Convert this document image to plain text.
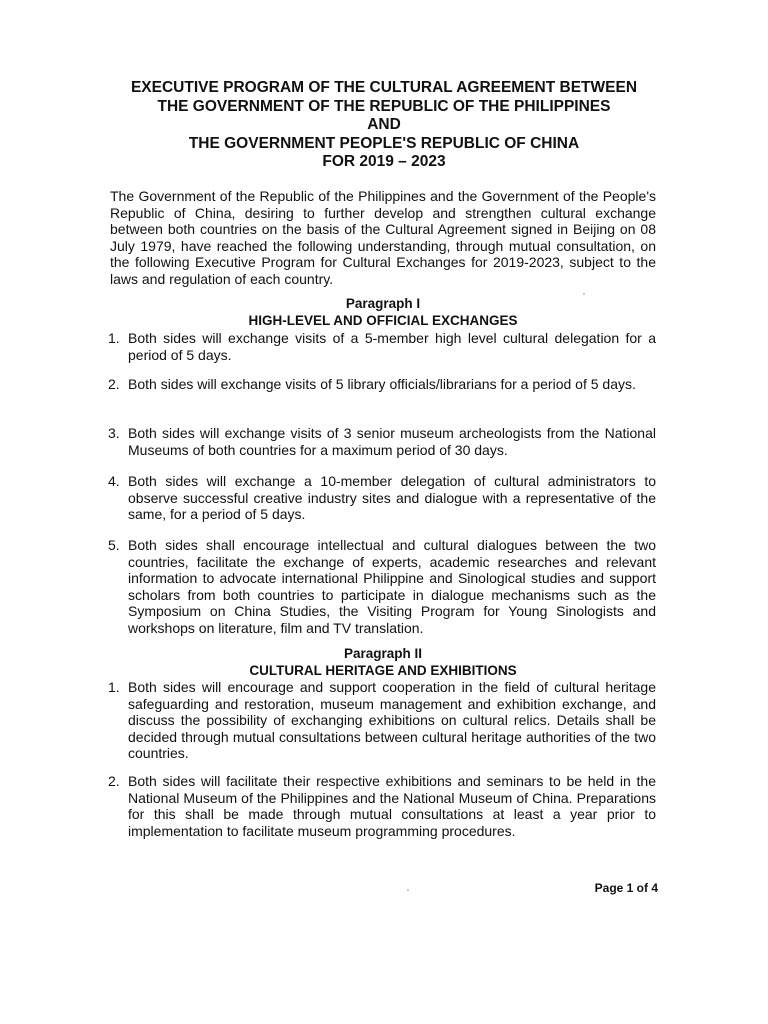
EXECUTIVE PROGRAM OF THE CULTURAL AGREEMENT BETWEEN
THE GOVERNMENT OF THE REPUBLIC OF THE PHILIPPINES
AND
THE GOVERNMENT PEOPLE'S REPUBLIC OF CHINA
FOR 2019 – 2023
The Government of the Republic of the Philippines and the Government of the People's Republic of China, desiring to further develop and strengthen cultural exchange between both countries on the basis of the Cultural Agreement signed in Beijing on 08 July 1979, have reached the following understanding, through mutual consultation, on the following Executive Program for Cultural Exchanges for 2019-2023, subject to the laws and regulation of each country.
Paragraph I
HIGH-LEVEL AND OFFICIAL EXCHANGES
1. Both sides will exchange visits of a 5-member high level cultural delegation for a period of 5 days.
2. Both sides will exchange visits of 5 library officials/librarians for a period of 5 days.
3. Both sides will exchange visits of 3 senior museum archeologists from the National Museums of both countries for a maximum period of 30 days.
4. Both sides will exchange a 10-member delegation of cultural administrators to observe successful creative industry sites and dialogue with a representative of the same, for a period of 5 days.
5. Both sides shall encourage intellectual and cultural dialogues between the two countries, facilitate the exchange of experts, academic researches and relevant information to advocate international Philippine and Sinological studies and support scholars from both countries to participate in dialogue mechanisms such as the Symposium on China Studies, the Visiting Program for Young Sinologists and workshops on literature, film and TV translation.
Paragraph II
CULTURAL HERITAGE AND EXHIBITIONS
1. Both sides will encourage and support cooperation in the field of cultural heritage safeguarding and restoration, museum management and exhibition exchange, and discuss the possibility of exchanging exhibitions on cultural relics. Details shall be decided through mutual consultations between cultural heritage authorities of the two countries.
2. Both sides will facilitate their respective exhibitions and seminars to be held in the National Museum of the Philippines and the National Museum of China. Preparations for this shall be made through mutual consultations at least a year prior to implementation to facilitate museum programming procedures.
Page 1 of 4
